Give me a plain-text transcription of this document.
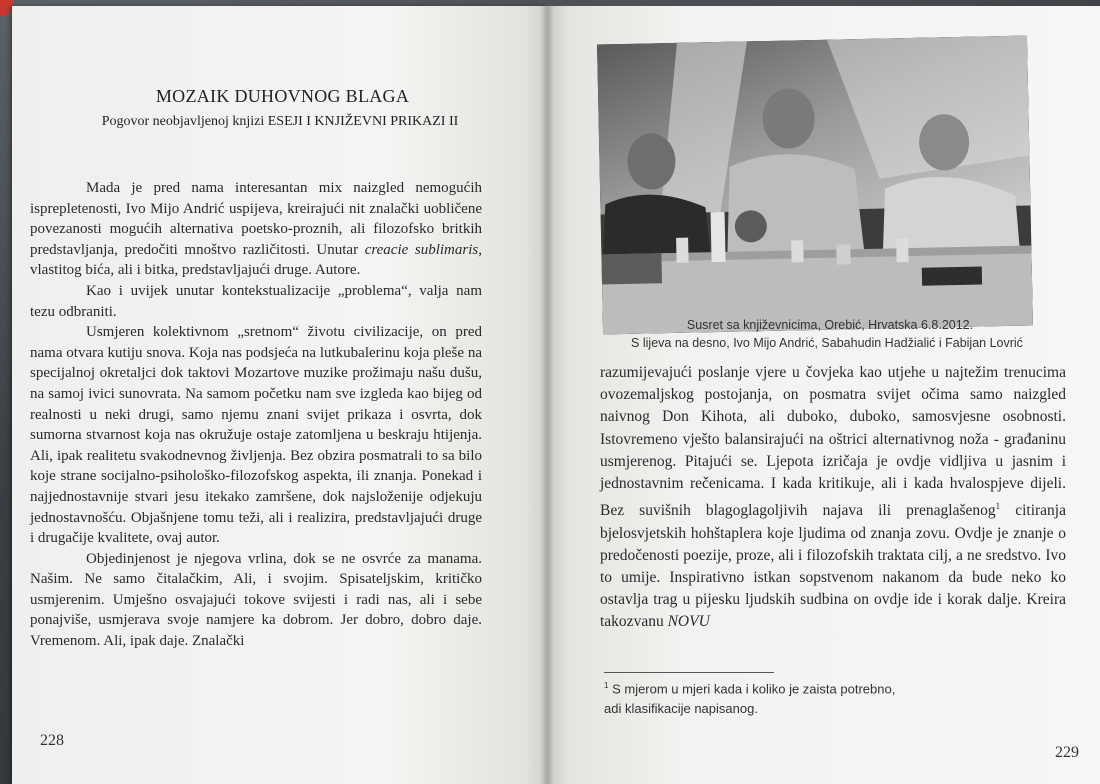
MOZAIK DUHOVNOG BLAGA
Pogovor neobjavljenoj knjizi ESEJI I KNJIŽEVNI PRIKAZI II

Mada je pred nama interesantan mix naizgled nemogućih isprepletenosti, Ivo Mijo Andrić uspijeva, kreirajući nit znalački uobličene povezanosti mogućih alternativa poetsko-proznih, ali filozofsko britkih predstavljanja, predočiti mnoštvo različitosti. Unutar creacie sublimaris, vlastitog bića, ali i bitka, predstavljajući druge. Autore.

Kao i uvijek unutar kontekstualizacije „problema“, valja nam tezu odbraniti.

Usmjeren kolektivnom „sretnom“ životu civilizacije, on pred nama otvara kutiju snova. Koja nas podsjeća na lutkubalerinu koja pleše na specijalnoj okretaljci dok taktovi Mozartove muzike prožimaju našu dušu, na samoj ivici sunovrata. Na samom početku nam sve izgleda kao bijeg od realnosti u neki drugi, samo njemu znani svijet prikaza i osvrta, dok sumorna stvarnost koja nas okružuje ostaje zatomljena u beskraju htijenja. Ali, ipak realitetu svakodnevnog življenja. Bez obzira posmatrali to sa bilo koje strane socijalno-psihološko-filozofskog aspekta, ili znanja. Ponekad i najjednostavnije stvari jesu itekako zamršene, dok najsloženije odjekuju jednostavnošću. Objašnjene tomu teži, ali i realizira, predstavljajući druge i drugačije kvalitete, ovaj autor.

Objedinjenost je njegova vrlina, dok se ne osvrće za manama. Našim. Ne samo čitalačkim, Ali, i svojim. Spisateljskim, kritičko usmjerenim. Umješno osvajajući tokove svijesti i radi nas, ali i sebe ponajviše, usmjerava svoje namjere ka dobrom. Jer dobro, dobro daje. Vremenom. Ali, ipak daje. Znalački

228
Susret sa književnicima, Orebić, Hrvatska 6.8.2012.
S lijeva na desno, Ivo Mijo Andrić, Sabahudin Hadžialić i Fabijan Lovrić

razumijevajući poslanje vjere u čovjeka kao utjehe u najtežim trenucima ovozemaljskog postojanja, on posmatra svijet očima samo naizgled naivnog Don Kihota, ali duboko, duboko, samosvjesne osobnosti. Istovremeno vješto balansirajući na oštrici alternativnog noža - građaninu usmjerenog. Pitajući se. Ljepota izričaja je ovdje vidljiva u jasnim i jednostavnim rečenicama. I kada kritikuje, ali i kada hvalospjeve dijeli. Bez suvišnih blagoglagoljivih najava ili prenaglašenog$^1$ citiranja bjelosvjetskih hohštaplera koje ljudima od znanja zovu. Ovdje je znanje o predočenosti poezije, proze, ali i filozofskih traktata cilj, a ne sredstvo. Ivo to umije. Inspirativno istkan sopstvenom nakanom da bude neko ko ostavlja trag u pijesku ljudskih sudbina on ovdje ide i korak dalje. Kreira takozvanu NOVU

$^1$ S mjerom u mjeri kada i koliko je zaista potrebno,
adi klasifikacije napisanog.
229
